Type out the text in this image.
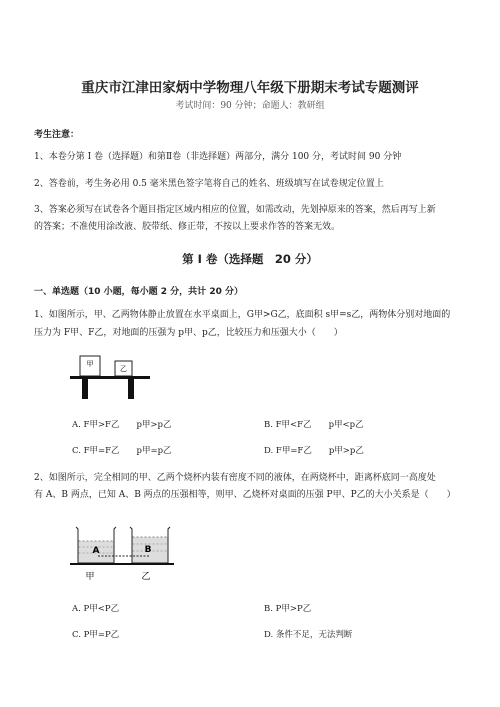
重庆市江津田家炳中学物理八年级下册期末考试专题测评
考试时间：90 分钟；命题人：教研组
考生注意：
1、本卷分第 I 卷（选择题）和第Ⅱ卷（非选择题）两部分，满分 100 分，考试时间 90 分钟
2、答卷前，考生务必用 0.5 毫米黑色签字笔将自己的姓名、班级填写在试卷规定位置上
3、答案必须写在试卷各个题目指定区域内相应的位置，如需改动，先划掉原来的答案，然后再写上新
的答案；不准使用涂改液、胶带纸、修正带，不按以上要求作答的答案无效。
第 I 卷（选择题　20 分）
一、单选题（10 小题，每小题 2 分，共计 20 分）
1、如图所示，甲、乙两物体静止放置在水平桌面上，G甲>G乙，底面积 s甲=s乙，两物体分别对地面的
压力为 F甲、F乙，对地面的压强为 p甲、p乙，比较压力和压强大小（　　）
甲
乙
A. F甲>F乙　　p甲>p乙	B. F甲<F乙　　p甲<p乙
C. F甲=F乙　　p甲=p乙	D. F甲=F乙　　p甲>p乙
2、如图所示，完全相同的甲、乙两个烧杯内装有密度不同的液体，在两烧杯中，距离杯底同一高度处
有 A、B 两点，已知 A、B 两点的压强相等，则甲、乙烧杯对桌面的压强 P甲、P乙的大小关系是（　　）
A	B
甲	乙
A. P甲<P乙	B. P甲>P乙
C. P甲=P乙	D. 条件不足，无法判断
